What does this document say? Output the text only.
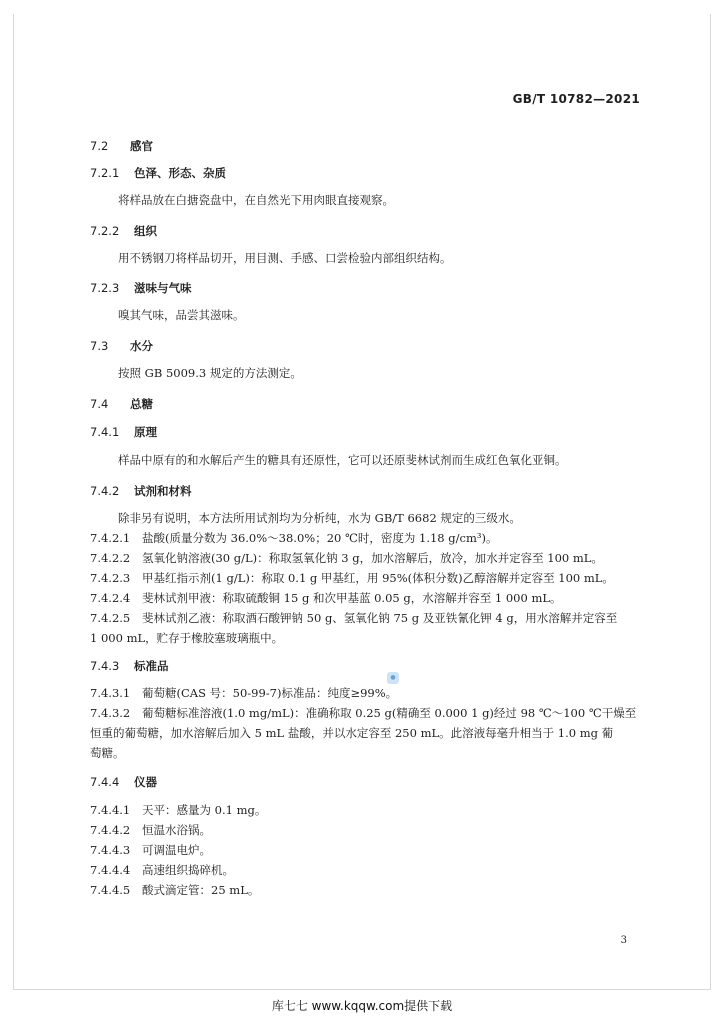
GB/T 10782—2021
7.2 感官
7.2.1 色泽、形态、杂质
将样品放在白搪瓷盘中，在自然光下用肉眼直接观察。
7.2.2 组织
用不锈钢刀将样品切开，用目测、手感、口尝检验内部组织结构。
7.2.3 滋味与气味
嗅其气味，品尝其滋味。
7.3 水分
按照 GB 5009.3 规定的方法测定。
7.4 总糖
7.4.1 原理
样品中原有的和水解后产生的糖具有还原性，它可以还原斐林试剂而生成红色氧化亚铜。
7.4.2 试剂和材料
除非另有说明，本方法所用试剂均为分析纯，水为 GB/T 6682 规定的三级水。
7.4.2.1 盐酸(质量分数为 36.0%～38.0%；20 ℃时，密度为 1.18 g/cm³)。
7.4.2.2 氢氧化钠溶液(30 g/L)：称取氢氧化钠 3 g，加水溶解后，放冷，加水并定容至 100 mL。
7.4.2.3 甲基红指示剂(1 g/L)：称取 0.1 g 甲基红，用 95%(体积分数)乙醇溶解并定容至 100 mL。
7.4.2.4 斐林试剂甲液：称取硫酸铜 15 g 和次甲基蓝 0.05 g，水溶解并容至 1 000 mL。
7.4.2.5 斐林试剂乙液：称取酒石酸钾钠 50 g、氢氧化钠 75 g 及亚铁氰化钾 4 g，用水溶解并定容至
1 000 mL，贮存于橡胶塞玻璃瓶中。
7.4.3 标准品
●
7.4.3.1 葡萄糖(CAS 号：50-99-7)标准品：纯度≥99%。
7.4.3.2 葡萄糖标准溶液(1.0 mg/mL)：准确称取 0.25 g(精确至 0.000 1 g)经过 98 ℃～100 ℃干燥至
恒重的葡萄糖，加水溶解后加入 5 mL 盐酸，并以水定容至 250 mL。此溶液每毫升相当于 1.0 mg 葡
萄糖。
7.4.4 仪器
7.4.4.1 天平：感量为 0.1 mg。
7.4.4.2 恒温水浴锅。
7.4.4.3 可调温电炉。
7.4.4.4 高速组织捣碎机。
7.4.4.5 酸式滴定管：25 mL。
3
库七七 www.kqqw.com提供下载
